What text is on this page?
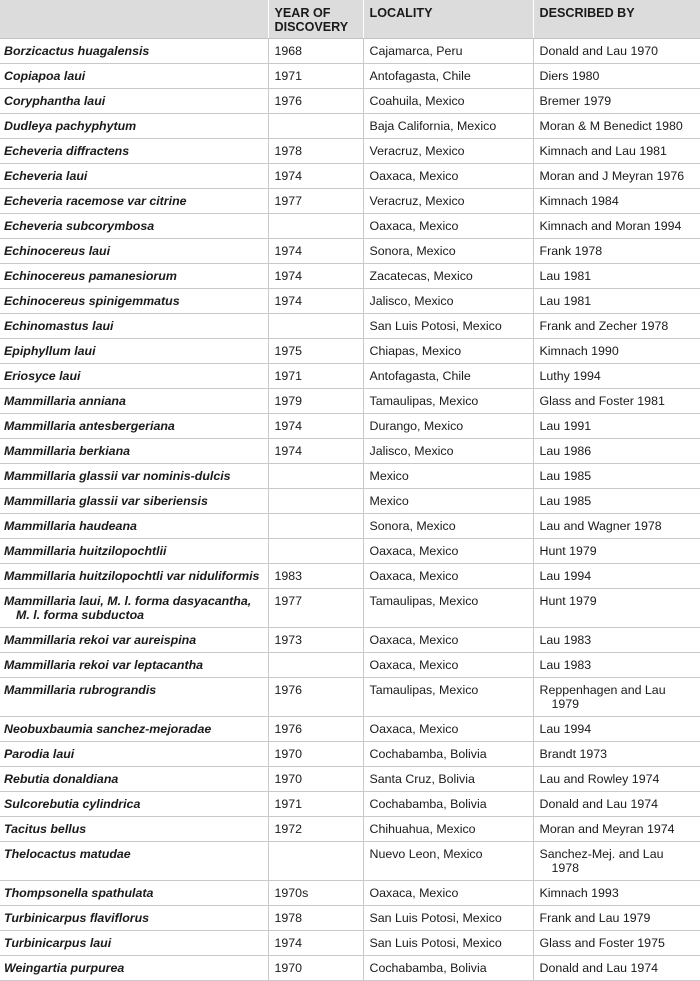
	YEAR OF DISCOVERY	LOCALITY	DESCRIBED BY

Borzicactus huagalensis	1968	Cajamarca, Peru	Donald and Lau 1970

Copiapoa laui	1971	Antofagasta, Chile	Diers 1980

Coryphantha laui	1976	Coahuila, Mexico	Bremer 1979

Dudleya pachyphytum		Baja California, Mexico	Moran & M Benedict 1980

Echeveria diffractens	1978	Veracruz, Mexico	Kimnach and Lau 1981

Echeveria laui	1974	Oaxaca, Mexico	Moran and J Meyran 1976

Echeveria racemose var citrine	1977	Veracruz, Mexico	Kimnach 1984

Echeveria subcorymbosa		Oaxaca, Mexico	Kimnach and Moran 1994

Echinocereus laui	1974	Sonora, Mexico	Frank 1978

Echinocereus pamanesiorum	1974	Zacatecas, Mexico	Lau 1981

Echinocereus spinigemmatus	1974	Jalisco, Mexico	Lau 1981

Echinomastus laui		San Luis Potosi, Mexico	Frank and Zecher 1978

Epiphyllum laui	1975	Chiapas, Mexico	Kimnach 1990

Eriosyce laui	1971	Antofagasta, Chile	Luthy 1994

Mammillaria anniana	1979	Tamaulipas, Mexico	Glass and Foster 1981

Mammillaria antesbergeriana	1974	Durango, Mexico	Lau 1991

Mammillaria berkiana	1974	Jalisco, Mexico	Lau 1986

Mammillaria glassii var nominis-dulcis		Mexico	Lau 1985

Mammillaria glassii var siberiensis		Mexico	Lau 1985

Mammillaria haudeana		Sonora, Mexico	Lau and Wagner 1978

Mammillaria huitzilopochtlii		Oaxaca, Mexico	Hunt 1979

Mammillaria huitzilopochtli var niduliformis	1983	Oaxaca, Mexico	Lau 1994

Mammillaria laui, M. l. forma dasyacantha, M. l. forma subductoa	1977	Tamaulipas, Mexico	Hunt 1979

Mammillaria rekoi var aureispina	1973	Oaxaca, Mexico	Lau 1983

Mammillaria rekoi var leptacantha		Oaxaca, Mexico	Lau 1983

Mammillaria rubrograndis	1976	Tamaulipas, Mexico	Reppenhagen and Lau 1979

Neobuxbaumia sanchez-mejoradae	1976	Oaxaca, Mexico	Lau 1994

Parodia laui	1970	Cochabamba, Bolivia	Brandt 1973

Rebutia donaldiana	1970	Santa Cruz, Bolivia	Lau and Rowley 1974

Sulcorebutia cylindrica	1971	Cochabamba, Bolivia	Donald and Lau 1974

Tacitus bellus	1972	Chihuahua, Mexico	Moran and Meyran 1974

Thelocactus matudae		Nuevo Leon, Mexico	Sanchez-Mej. and Lau 1978

Thompsonella spathulata	1970s	Oaxaca, Mexico	Kimnach 1993

Turbinicarpus flaviflorus	1978	San Luis Potosi, Mexico	Frank and Lau 1979

Turbinicarpus laui	1974	San Luis Potosi, Mexico	Glass and Foster 1975

Weingartia purpurea	1970	Cochabamba, Bolivia	Donald and Lau 1974
